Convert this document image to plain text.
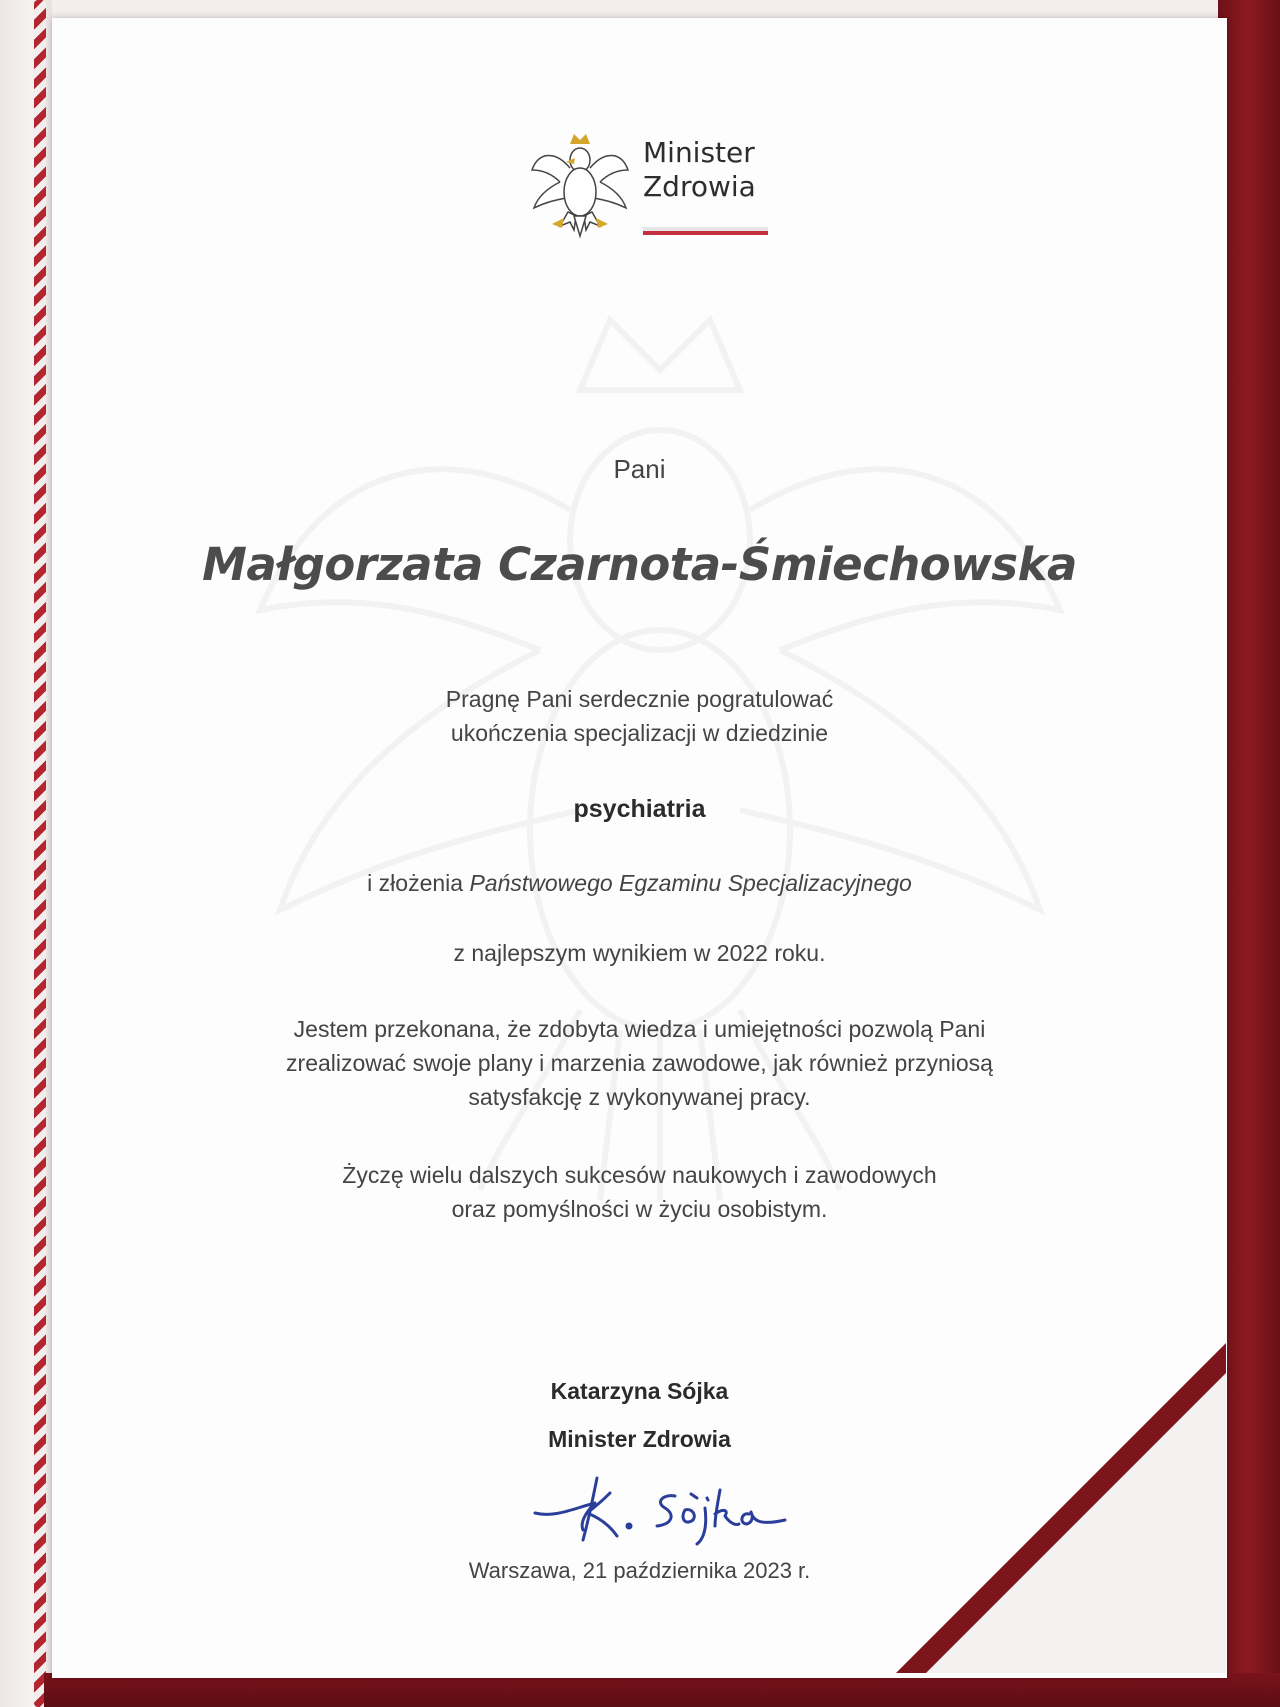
Minister
Zdrowia
Pani
Małgorzata Czarnota-Śmiechowska
Pragnę Pani serdecznie pogratulować
ukończenia specjalizacji w dziedzinie
psychiatria
i złożenia Państwowego Egzaminu Specjalizacyjnego
z najlepszym wynikiem w 2022 roku.
Jestem przekonana, że zdobyta wiedza i umiejętności pozwolą Pani
zrealizować swoje plany i marzenia zawodowe, jak również przyniosą
satysfakcję z wykonywanej pracy.
Życzę wielu dalszych sukcesów naukowych i zawodowych
oraz pomyślności w życiu osobistym.
Katarzyna Sójka
Minister Zdrowia
Warszawa, 21 października 2023 r.
